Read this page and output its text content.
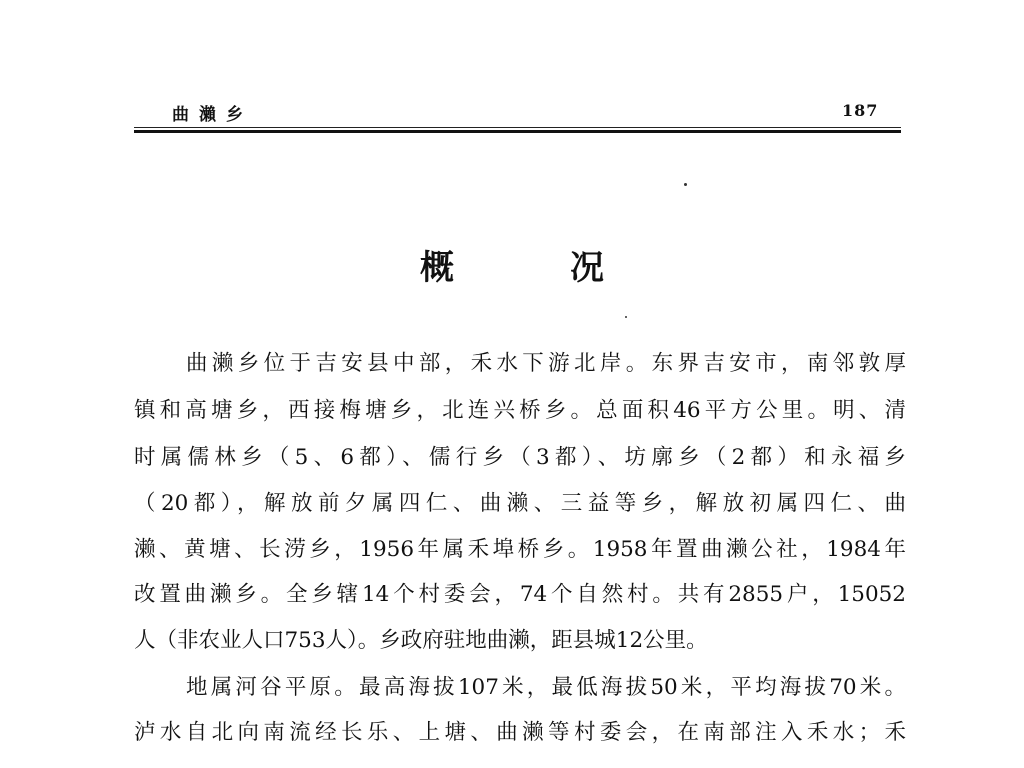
曲瀨乡	187
概	况
曲濑乡位于吉安县中部，禾水下游北岸。东界吉安市，南邻敦厚
镇和高塘乡，西接梅塘乡，北连兴桥乡。总面积46平方公里。明、清
时属儒林乡（5、6都）、儒行乡（3都）、坊廓乡（2都）和永福乡
（20都），解放前夕属四仁、曲濑、三益等乡，解放初属四仁、曲
濑、黄塘、长涝乡，1956年属禾埠桥乡。1958年置曲濑公社，1984年
改置曲濑乡。全乡辖14个村委会，74个自然村。共有2855户，15052
人（非农业人口753人）。乡政府驻地曲濑，距县城12公里。
地属河谷平原。最高海拔107米，最低海拔50米，平均海拔70米。
泸水自北向南流经长乐、上塘、曲濑等村委会，在南部注入禾水；禾
